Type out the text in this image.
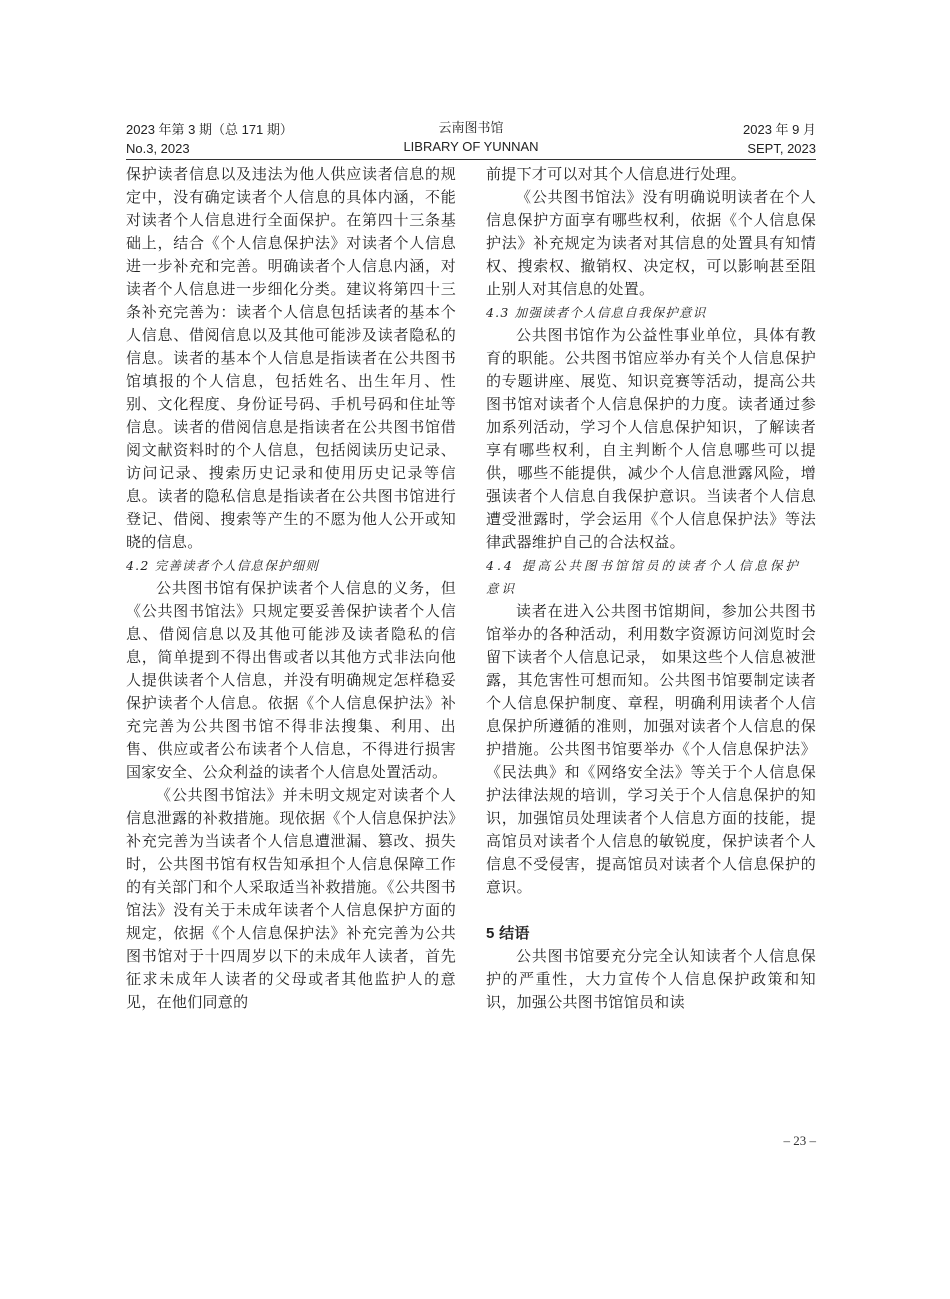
2023 年第 3 期（总 171 期）
No.3, 2023
云南图书馆
LIBRARY OF YUNNAN
2023 年 9 月
SEPT, 2023

保护读者信息以及违法为他人供应读者信息的规定中，没有确定读者个人信息的具体内涵，不能对读者个人信息进行全面保护。在第四十三条基础上，结合《个人信息保护法》对读者个人信息进一步补充和完善。明确读者个人信息内涵，对读者个人信息进一步细化分类。建议将第四十三条补充完善为：读者个人信息包括读者的基本个人信息、借阅信息以及其他可能涉及读者隐私的信息。读者的基本个人信息是指读者在公共图书馆填报的个人信息，包括姓名、出生年月、性别、文化程度、身份证号码、手机号码和住址等信息。读者的借阅信息是指读者在公共图书馆借阅文献资料时的个人信息，包括阅读历史记录、访问记录、搜索历史记录和使用历史记录等信息。读者的隐私信息是指读者在公共图书馆进行登记、借阅、搜索等产生的不愿为他人公开或知晓的信息。

4.2 完善读者个人信息保护细则

公共图书馆有保护读者个人信息的义务，但《公共图书馆法》只规定要妥善保护读者个人信息、借阅信息以及其他可能涉及读者隐私的信息，简单提到不得出售或者以其他方式非法向他人提供读者个人信息，并没有明确规定怎样稳妥保护读者个人信息。依据《个人信息保护法》补充完善为公共图书馆不得非法搜集、利用、出售、供应或者公布读者个人信息，不得进行损害国家安全、公众利益的读者个人信息处置活动。

《公共图书馆法》并未明文规定对读者个人信息泄露的补救措施。现依据《个人信息保护法》补充完善为当读者个人信息遭泄漏、篡改、损失时，公共图书馆有权告知承担个人信息保障工作的有关部门和个人采取适当补救措施。《公共图书馆法》没有关于未成年读者个人信息保护方面的规定，依据《个人信息保护法》补充完善为公共图书馆对于十四周岁以下的未成年人读者，首先征求未成年人读者的父母或者其他监护人的意见，在他们同意的

前提下才可以对其个人信息进行处理。

《公共图书馆法》没有明确说明读者在个人信息保护方面享有哪些权利，依据《个人信息保护法》补充规定为读者对其信息的处置具有知情权、搜索权、撤销权、决定权，可以影响甚至阻止别人对其信息的处置。

4.3 加强读者个人信息自我保护意识

公共图书馆作为公益性事业单位，具体有教育的职能。公共图书馆应举办有关个人信息保护的专题讲座、展览、知识竞赛等活动，提高公共图书馆对读者个人信息保护的力度。读者通过参加系列活动，学习个人信息保护知识，了解读者享有哪些权利，自主判断个人信息哪些可以提供，哪些不能提供，减少个人信息泄露风险，增强读者个人信息自我保护意识。当读者个人信息遭受泄露时，学会运用《个人信息保护法》等法律武器维护自己的合法权益。

4.4 提高公共图书馆馆员的读者个人信息保护意识

读者在进入公共图书馆期间，参加公共图书馆举办的各种活动，利用数字资源访问浏览时会留下读者个人信息记录， 如果这些个人信息被泄露，其危害性可想而知。公共图书馆要制定读者个人信息保护制度、章程，明确利用读者个人信息保护所遵循的准则，加强对读者个人信息的保护措施。公共图书馆要举办《个人信息保护法》《民法典》和《网络安全法》等关于个人信息保护法律法规的培训，学习关于个人信息保护的知识，加强馆员处理读者个人信息方面的技能，提高馆员对读者个人信息的敏锐度，保护读者个人信息不受侵害，提高馆员对读者个人信息保护的意识。

5 结语

公共图书馆要充分完全认知读者个人信息保护的严重性，大力宣传个人信息保护政策和知识，加强公共图书馆馆员和读

– 23 –
